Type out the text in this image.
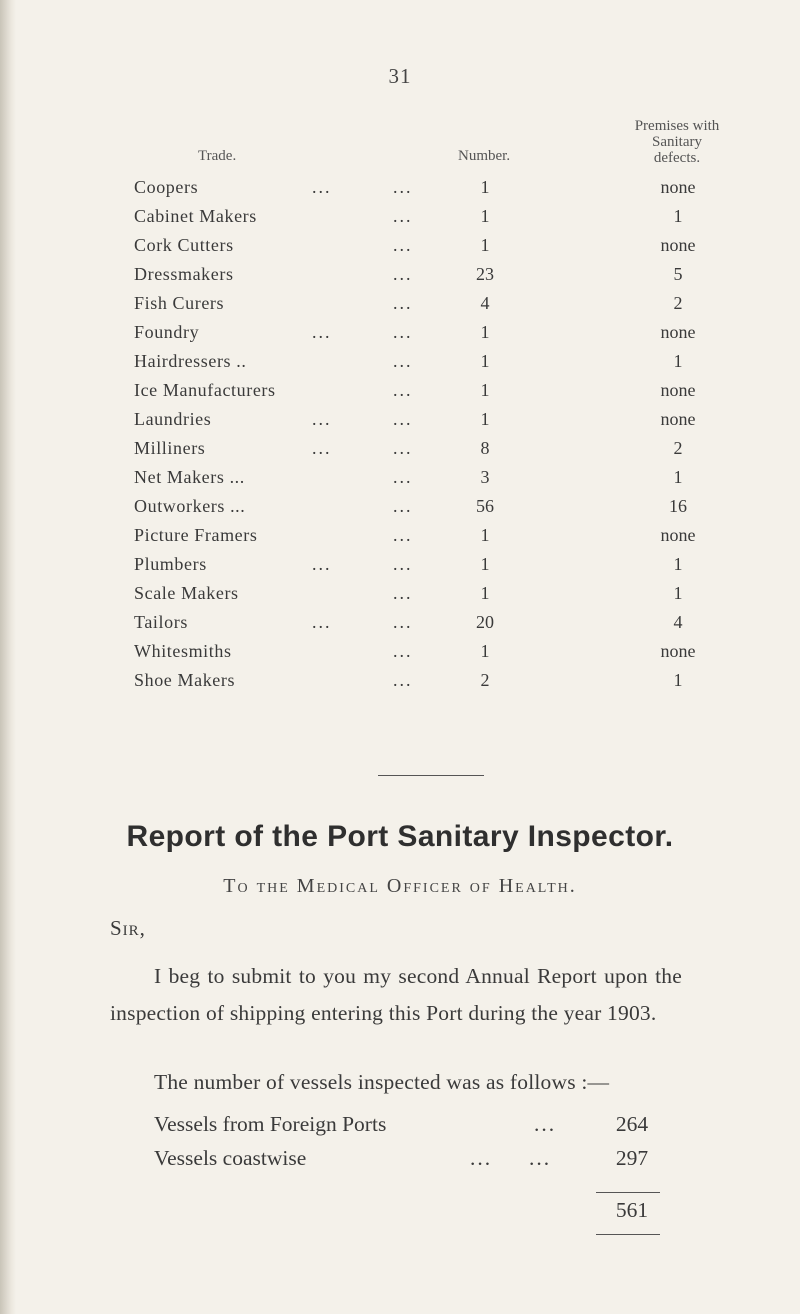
31
Trade.	Number.
Premises with
Sanitary
defects.
Coopers	...	1	none
...
Cabinet Makers	1	1
...
Cork Cutters	1	none
...
Dressmakers	23	5
...
Fish Curers	4	2
...
Foundry	...	1	none
...
Hairdressers ..	1	1
...
Ice Manufacturers	1	none
...
Laundries	...	1	none
...
Milliners	...	8	2
...
Net Makers ...	3	1
...
Outworkers ...	56	16
...
Picture Framers	1	none
...
Plumbers	...	1	1
...
Scale Makers	1	1
...
Tailors	...	20	4
...
Whitesmiths	1	none
...
Shoe Makers	2	1
...
Report of the Port Sanitary Inspector.
To the Medical Officer of Health.
Sir,
I beg to submit to you my second Annual Report upon the inspection of shipping entering this Port during the year 1903.
The number of vessels inspected was as follows :—
Vessels from Foreign Ports	...	264
Vessels coastwise	...     ...	297
561
